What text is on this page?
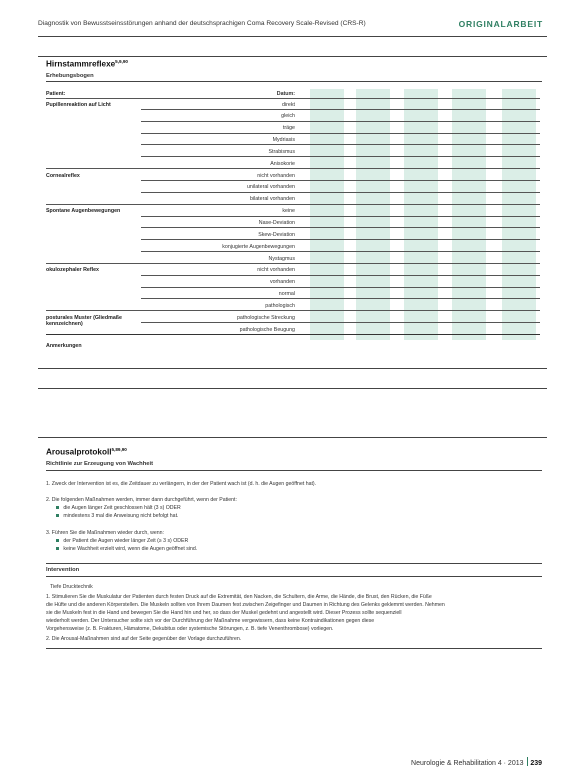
Diagnostik von Bewusstseinsstörungen anhand der deutschsprachigen Coma Recovery Scale-Revised (CRS-R)	ORIGINALARBEIT
Hirnstammreflexe$^{5,9,90}$
Erhebungsbogen
Patient:	Datum:
Pupillenreaktion auf Licht	direkt
gleich
träge
Mydriasis
Strabismus
Anisokorie
Cornealreflex	nicht vorhanden
unilateral vorhanden
bilateral vorhanden
Spontane Augenbewegungen	keine
Nase-Deviation
Skew-Deviation
konjugierte Augenbewegungen
Nystagmus
okulozephaler Reflex	nicht vorhanden
vorhanden
normal
pathologisch
posturales Muster (Gliedmaße kennzeichnen)
pathologische Streckung
pathologische Beugung
Anmerkungen
Arousalprotokoll$^{5,89,90}$
Richtlinie zur Erzeugung von Wachheit
1. Zweck der Intervention ist es, die Zeitdauer zu verlängern, in der der Patient wach ist (d. h. die Augen geöffnet hat).
2. Die folgenden Maßnahmen werden, immer dann durchgeführt, wenn der Patient:
die Augen länger Zeit geschlossen hält (3 s) ODER
mindestens 3 mal die Anweisung nicht befolgt hat.
3. Führen Sie die Maßnahmen wieder durch, wenn:
der Patient die Augen wieder länger Zeit (≥ 3 s) ODER
keine Wachheit erzielt wird, wenn die Augen geöffnet sind.
Intervention
Tiefe Drucktechnik
1. Stimulieren Sie die Muskulatur der Patienten durch festen Druck auf die Extremität, den Nacken, die Schultern, die Arme, die Hände, die Brust, den Rücken, die Füße
die Hüfte und die anderen Körperstellen. Die Muskeln sollten von Ihrem Daumen fest zwischen Zeigefinger und Daumen in Richtung des Gelenks geklemmt werden. Nehmen
sie die Muskeln fest in die Hand und bewegen Sie die Hand hin und her, so dass der Muskel gedehnt und angestellt wird. Dieser Prozess sollte sequenziell
wiederholt werden. Der Untersucher sollte sich vor der Durchführung der Maßnahme vergewissern, dass keine Kontraindikationen gegen diese
Vorgehensweise (z. B. Frakturen, Hämatome, Dekubitus oder systemische Störungen, z. B. tiefe Venenthrombose) vorliegen.
2. Die Arousal-Maßnahmen sind auf der Seite gegenüber der Vorlage durchzuführen.
Neurologie & Rehabilitation 4 · 2013 239
